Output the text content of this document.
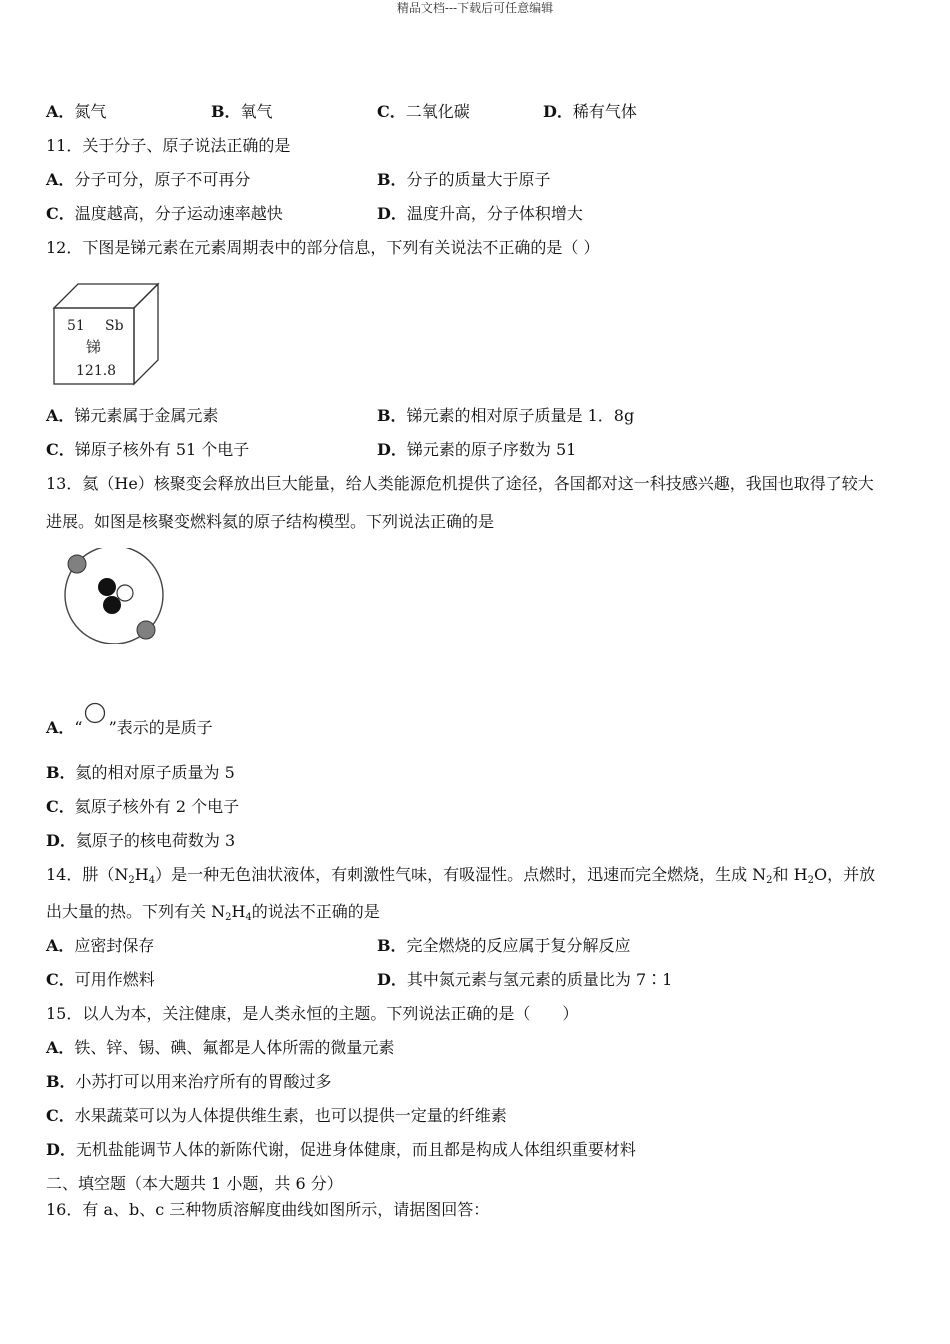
精品文档---下载后可任意编辑
A．氮气	B．氧气	C．二氧化碳	D．稀有气体
11．关于分子、原子说法正确的是
A．分子可分，原子不可再分	B．分子的质量大于原子
C．温度越高，分子运动速率越快	D．温度升高，分子体积增大
12．下图是锑元素在元素周期表中的部分信息，下列有关说法不正确的是（ ）
51 Sb
锑
121.8
A．锑元素属于金属元素	B．锑元素的相对原子质量是 1．8g
C．锑原子核外有 51 个电子	D．锑元素的原子序数为 51
13．氦（He）核聚变会释放出巨大能量，给人类能源危机提供了途径，各国都对这一科技感兴趣，我国也取得了较大
进展。如图是核聚变燃料氦的原子结构模型。下列说法正确的是
A．“ ”表示的是质子
B．氦的相对原子质量为 5
C．氦原子核外有 2 个电子
D．氦原子的核电荷数为 3
14．肼$(N_2H_4)$是一种无色油状液体，有刺激性气味，有吸湿性。点燃时，迅速而完全燃烧，生成 $N_2$和 $H_2O$，并放
出大量的热。下列有关 $N_2H_4$的说法不正确的是
A．应密封保存	B．完全燃烧的反应属于复分解反应
C．可用作燃料	D．其中氮元素与氢元素的质量比为 7∶1
15．以人为本，关注健康，是人类永恒的主题。下列说法正确的是（　　）
A．铁、锌、锡、碘、氟都是人体所需的微量元素
B．小苏打可以用来治疗所有的胃酸过多
C．水果蔬菜可以为人体提供维生素，也可以提供一定量的纤维素
D．无机盐能调节人体的新陈代谢，促进身体健康，而且都是构成人体组织重要材料
二、填空题（本大题共 1 小题，共 6 分）
16．有 a、b、c 三种物质溶解度曲线如图所示，请据图回答：
